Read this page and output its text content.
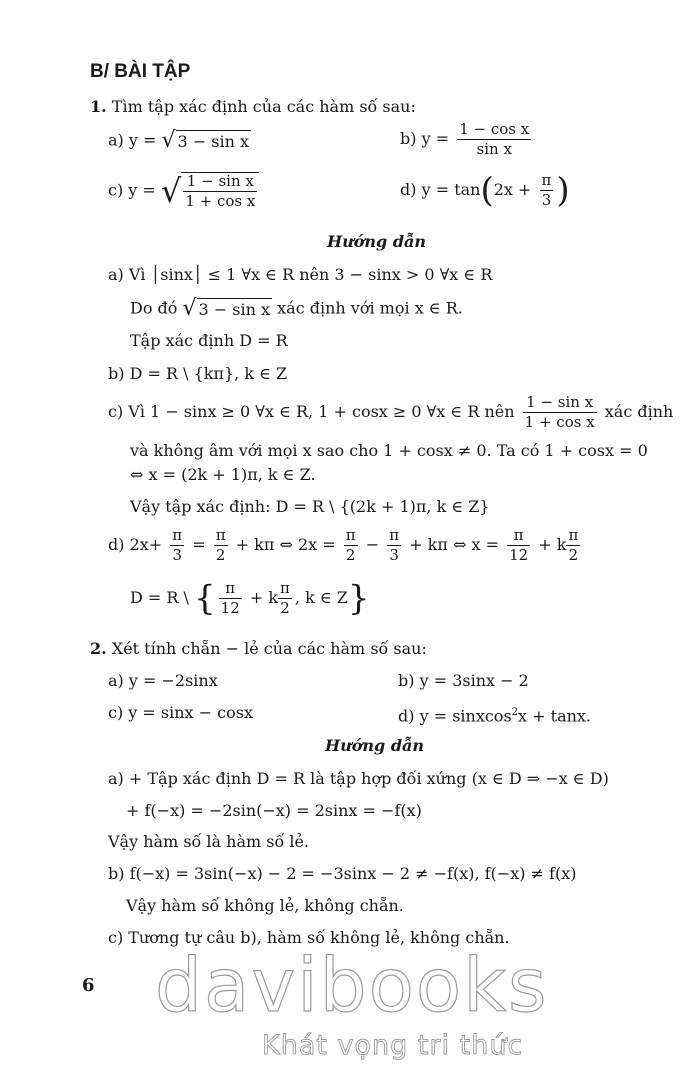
B/ BÀI TẬP
1. Tìm tập xác định của các hàm số sau:
a) y = √ 3 − sin x	b) $y = \frac{\text{1 − cos x}}{\text{sin x}}$
c) y = √ $\frac{\text{1 − sin x}}{\text{1 + cos x}}$	d) $y = \tan(2x + \frac{\pi}{3}$ )
Hướng dẫn
a) Vì │sinx│ ≤ 1 ∀x ∈ R nên 3 − sinx > 0 ∀x ∈ R
Do đó √ 3 − sin x xác định với mọi x ∈ R.
Tập xác định D = R
b) D = R \ {kπ}, k ∈ Z
c) Vì 1 − sinx ≥ 0 ∀x ∈ R, 1 + cosx ≥ 0 ∀x ∈ R nên $\frac{\text{1 − sin x}}{\text{1 + cos x}}$ xác định
và không âm với mọi x sao cho 1 + cosx ≠ 0. Ta có 1 + cosx = 0
⇔ x = (2k + 1)π, k ∈ Z.
Vậy tập xác định: D = R \ {(2k + 1)π, k ∈ Z}
d) $2x+ \frac{\pi}{3} = \frac{\pi}{2} + k\pi$ ⇔ $2x = \frac{\pi}{2} - \frac{\pi}{3} + k\pi$ ⇔ $x = \frac{\pi}{12} + k \frac{\pi}{2}$
D = R \ { $\frac{\pi}{12} + k \frac{\pi}{2}$ , k ∈ Z}
2. Xét tính chẵn − lẻ của các hàm số sau:
a) y = −2sinx	b) y = 3sinx − 2
c) y = sinx − cosx	d) y = sinxcos$^2$x + tanx.
Hướng dẫn
a) + Tập xác định D = R là tập hợp đối xứng (x ∈ D ⇒ −x ∈ D)
+ f(−x) = −2sin(−x) = 2sinx = −f(x)
Vậy hàm số là hàm số lẻ.
b) f(−x) = 3sin(−x) − 2 = −3sinx − 2 ≠ −f(x), f(−x) ≠ f(x)
Vậy hàm số không lẻ, không chẵn.
c) Tương tự câu b), hàm số không lẻ, không chẵn.
6 davibooks
Khát vọng tri thức
